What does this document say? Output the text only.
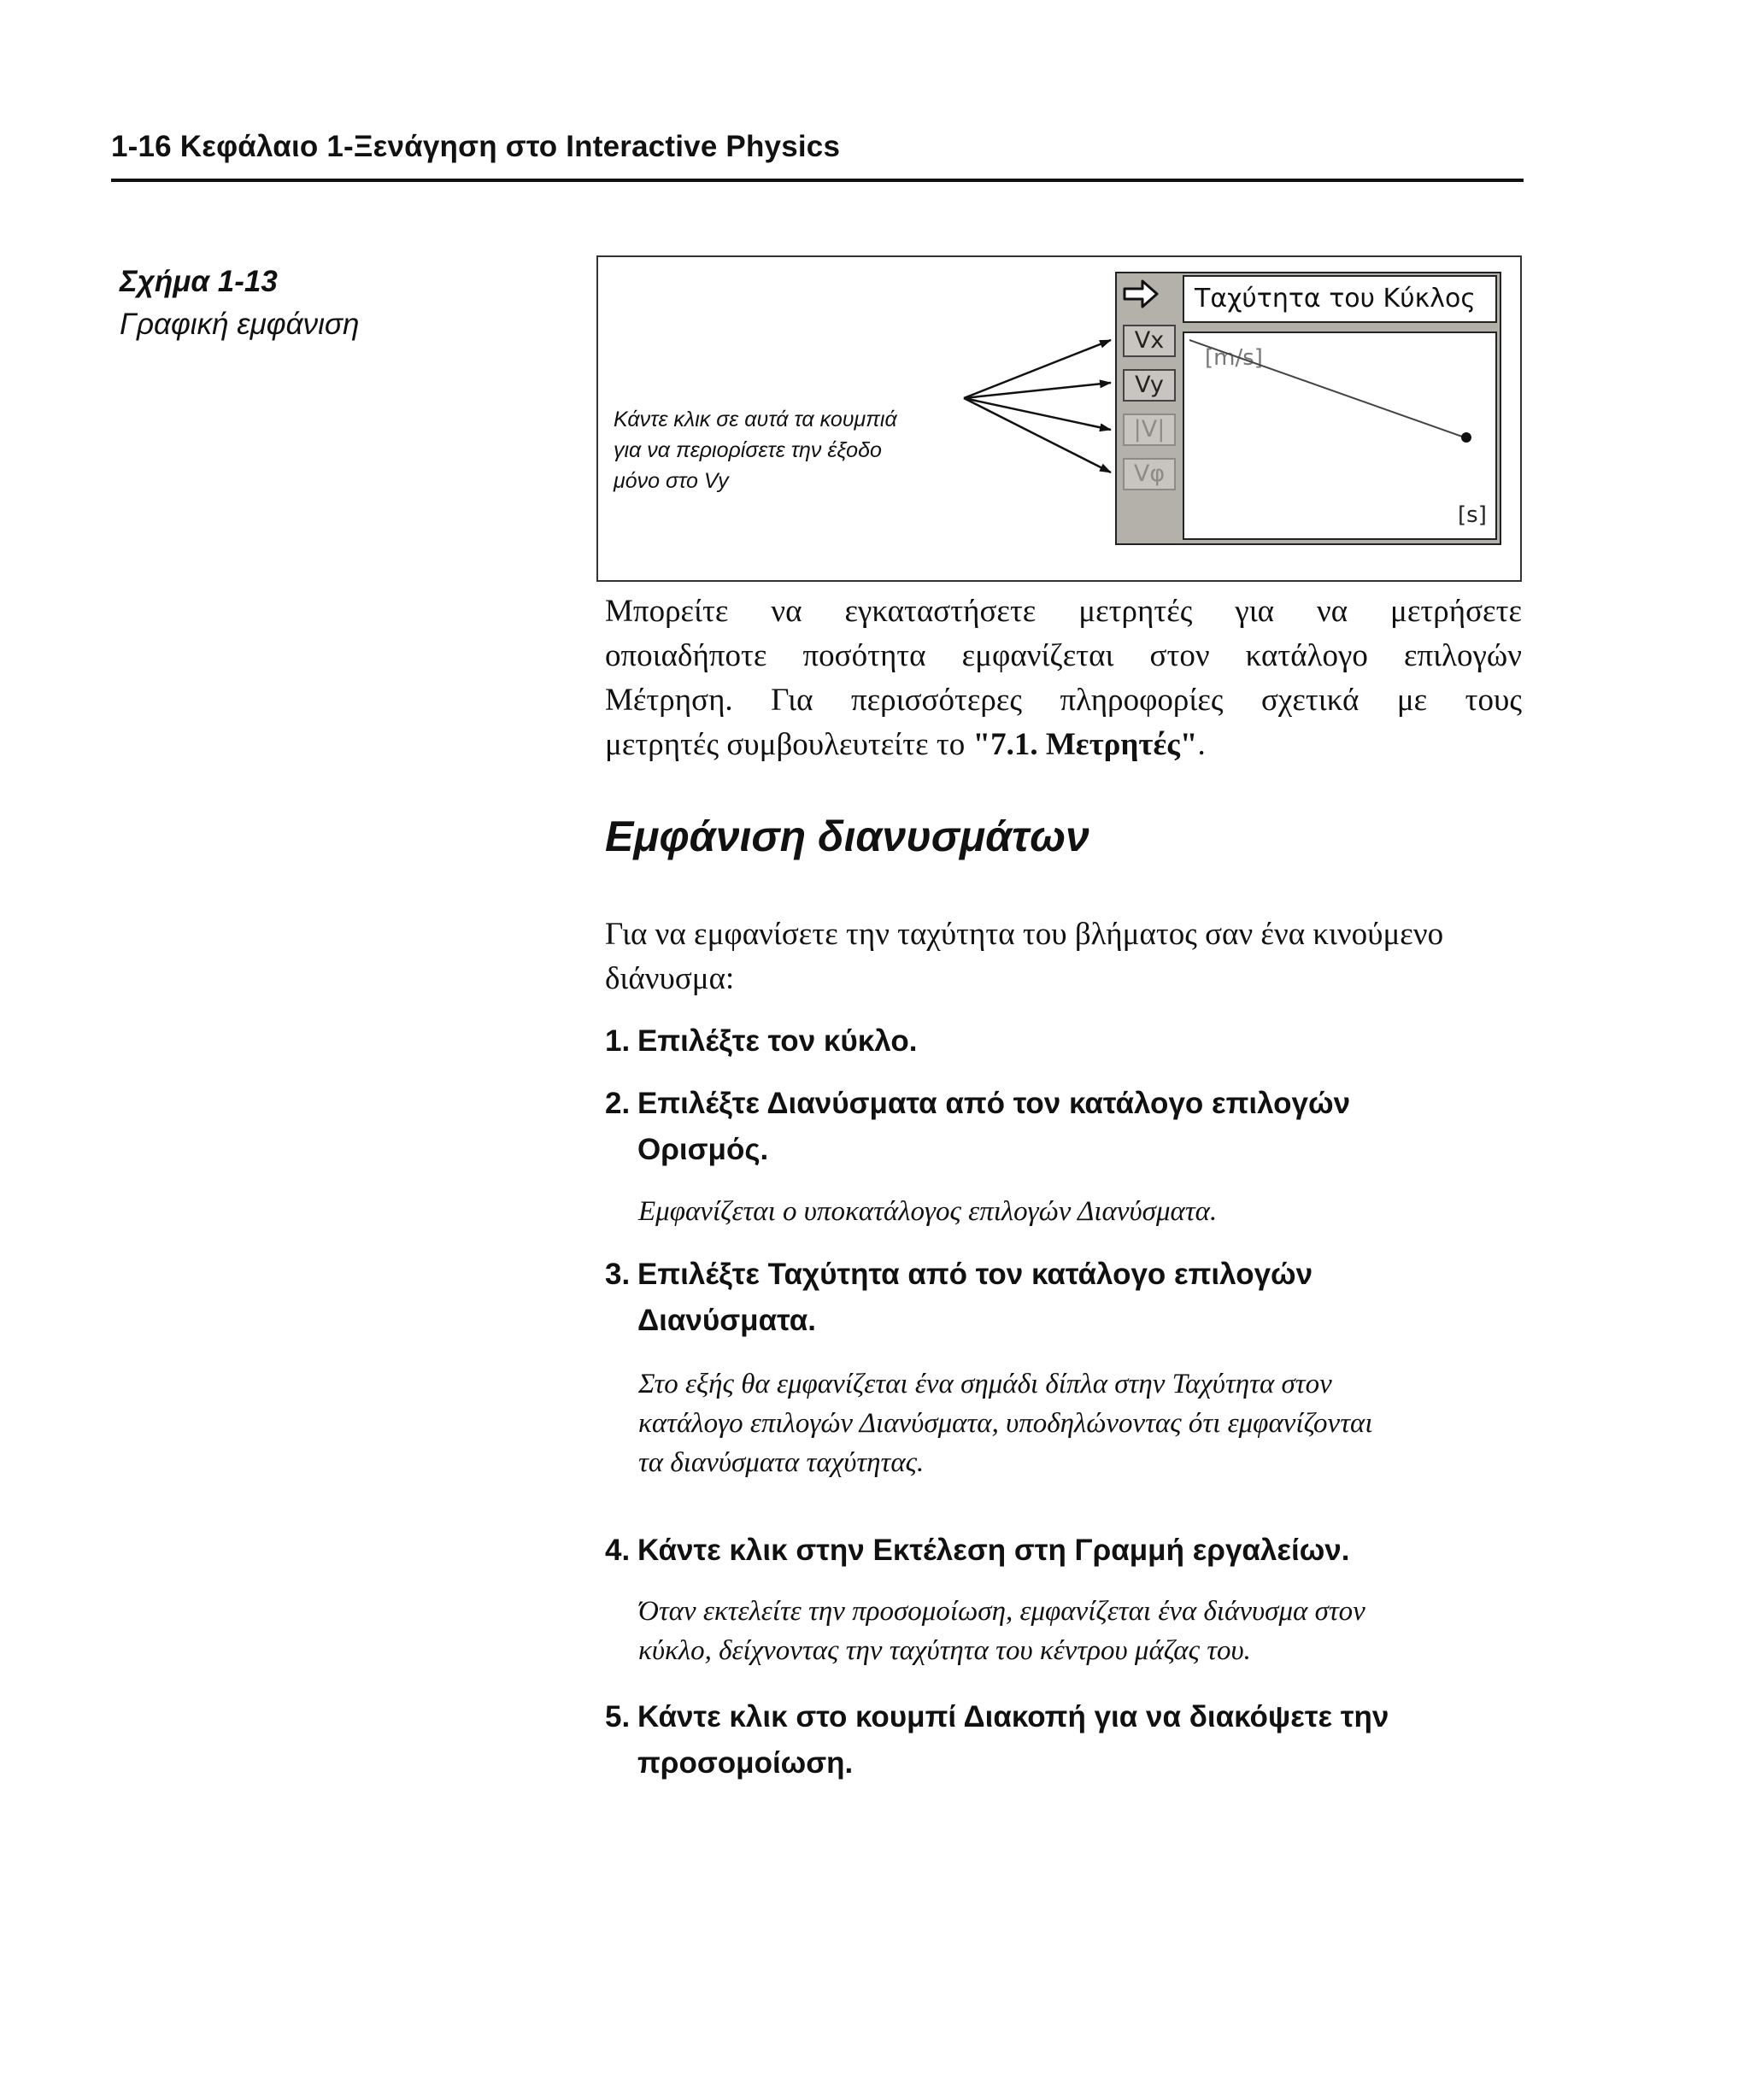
1-16 Κεφάλαιο 1-Ξενάγηση στο Interactive Physics
Σχήμα 1-13
Γραφική εμφάνιση
Κάντε κλικ σε αυτά τα κουμπιά
για να περιορίσετε την έξοδο
μόνο στο Vy
Ταχύτητα του Κύκλος
Vx
Vy
|V|
Vφ
[m/s]
[s]
Μπορείτε να εγκαταστήσετε μετρητές για να μετρήσετε
οποιαδήποτε ποσότητα εμφανίζεται στον κατάλογο επιλογών
Μέτρηση. Για περισσότερες πληροφορίες σχετικά με τους
μετρητές συμβουλευτείτε το "7.1. Μετρητές".
Εμφάνιση διανυσμάτων
Για να εμφανίσετε την ταχύτητα του βλήματος σαν ένα κινούμενο
διάνυσμα:
1. Επιλέξτε τον κύκλο.
2. Επιλέξτε Διανύσματα από τον κατάλογο επιλογών
Ορισμός.
Εμφανίζεται ο υποκατάλογος επιλογών Διανύσματα.
3. Επιλέξτε Ταχύτητα από τον κατάλογο επιλογών
Διανύσματα.
Στο εξής θα εμφανίζεται ένα σημάδι δίπλα στην Ταχύτητα στον
κατάλογο επιλογών Διανύσματα, υποδηλώνοντας ότι εμφανίζονται
τα διανύσματα ταχύτητας.
4. Κάντε κλικ στην Εκτέλεση στη Γραμμή εργαλείων.
Όταν εκτελείτε την προσομοίωση, εμφανίζεται ένα διάνυσμα στον
κύκλο, δείχνοντας την ταχύτητα του κέντρου μάζας του.
5. Κάντε κλικ στο κουμπί Διακοπή για να διακόψετε την
προσομοίωση.
